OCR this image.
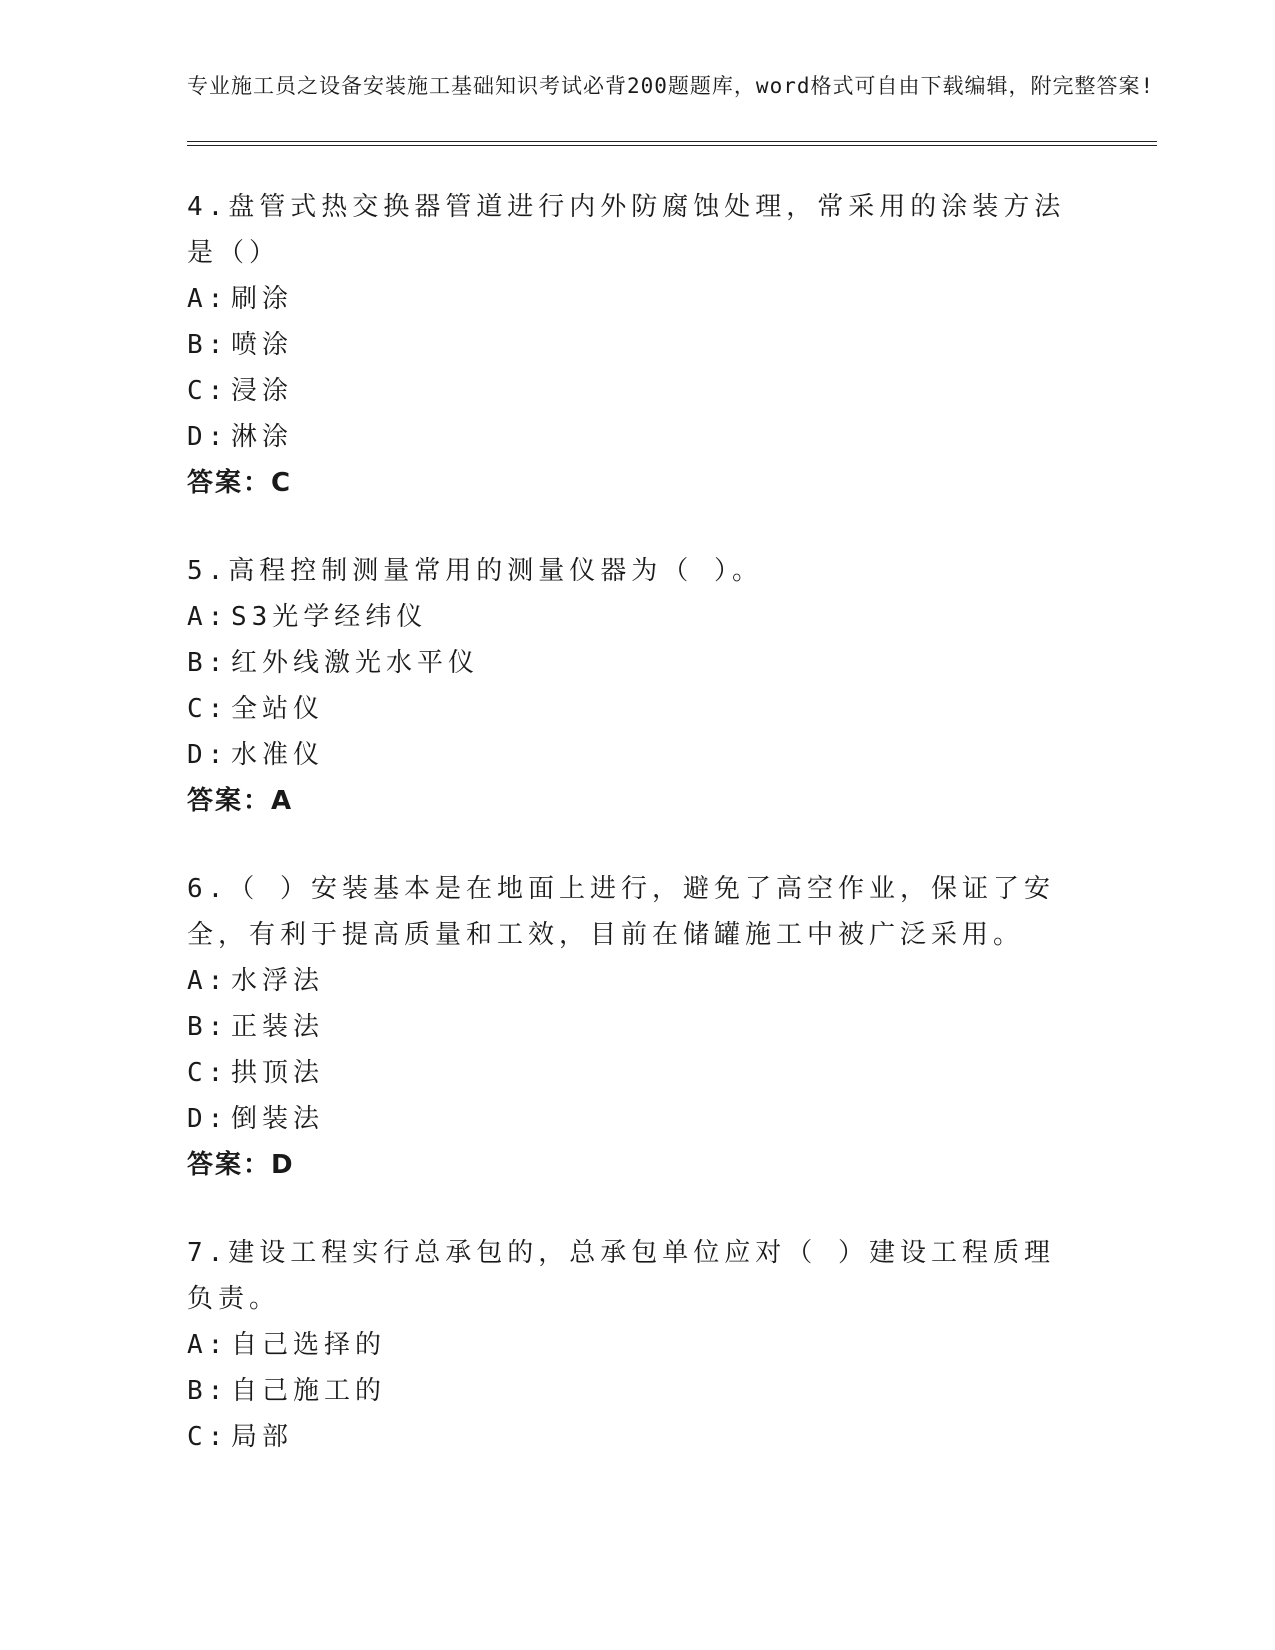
专业施工员之设备安装施工基础知识考试必背200题题库，word格式可自由下载编辑，附完整答案!

4.盘管式热交换器管道进行内外防腐蚀处理，常采用的涂装方法是（）

A: 刷涂
B: 喷涂
C: 浸涂
D: 淋涂
答案：C

5.高程控制测量常用的测量仪器为（ ）。

A: S3光学经纬仪
B: 红外线激光水平仪
C: 全站仪
D: 水准仪
答案：A

6.（ ）安装基本是在地面上进行，避免了高空作业，保证了安全，有利于提高质量和工效，目前在储罐施工中被广泛采用。

A: 水浮法
B: 正装法
C: 拱顶法
D: 倒装法
答案：D

7.建设工程实行总承包的，总承包单位应对（ ）建设工程质理负责。

A: 自己选择的
B: 自己施工的
C: 局部
